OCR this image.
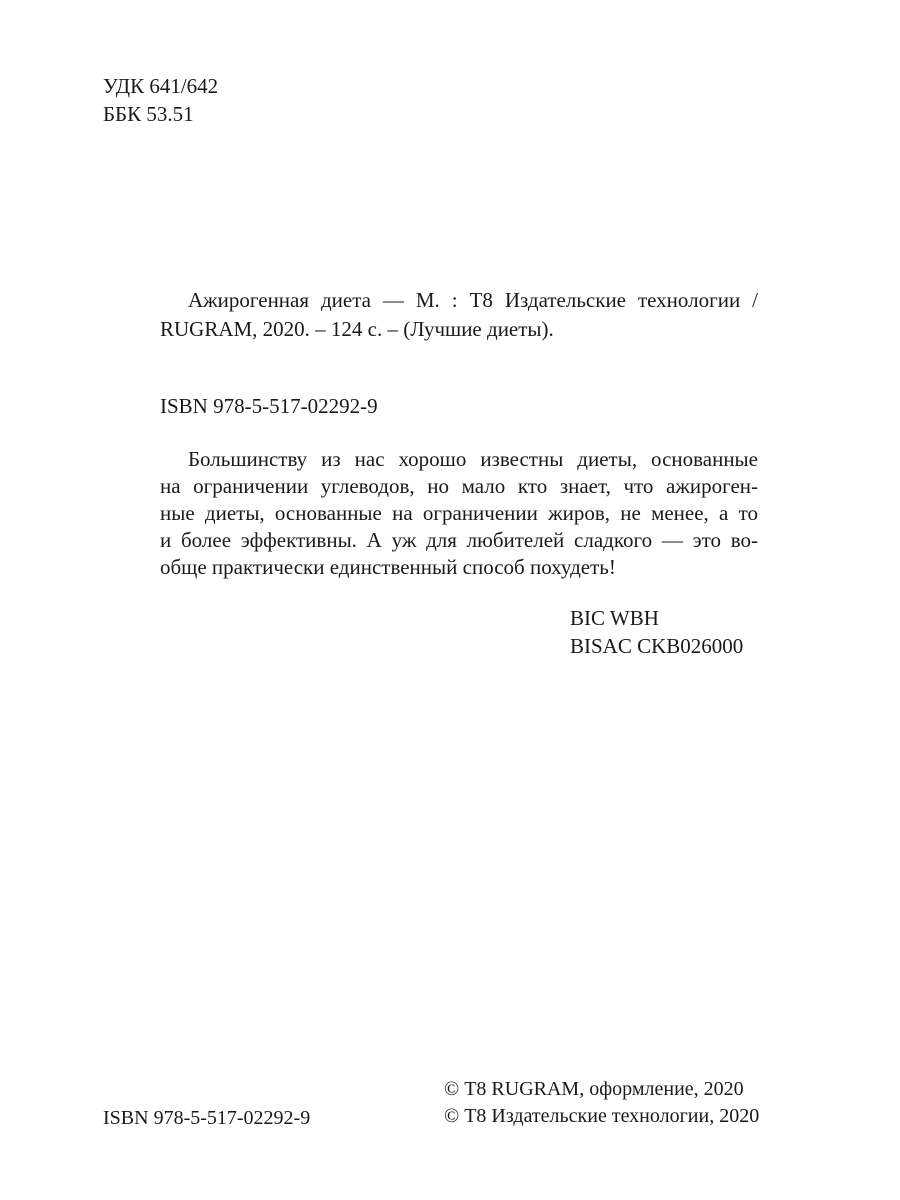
УДК 641/642
ББК 53.51
Ажирогенная диета — М. : Т8 Издательские технологии /
RUGRAM, 2020. – 124 с. – (Лучшие диеты).
ISBN 978-5-517-02292-9
Большинству из нас хорошо известны диеты, основанные
на ограничении углеводов, но мало кто знает, что ажироген-
ные диеты, основанные на ограничении жиров, не менее, а то
и более эффективны. А уж для любителей сладкого — это во-
обще практически единственный способ похудеть!
BIC WBH
BISAC CKB026000
ISBN 978-5-517-02292-9
© Т8 RUGRAM, оформление, 2020
© Т8 Издательские технологии, 2020
